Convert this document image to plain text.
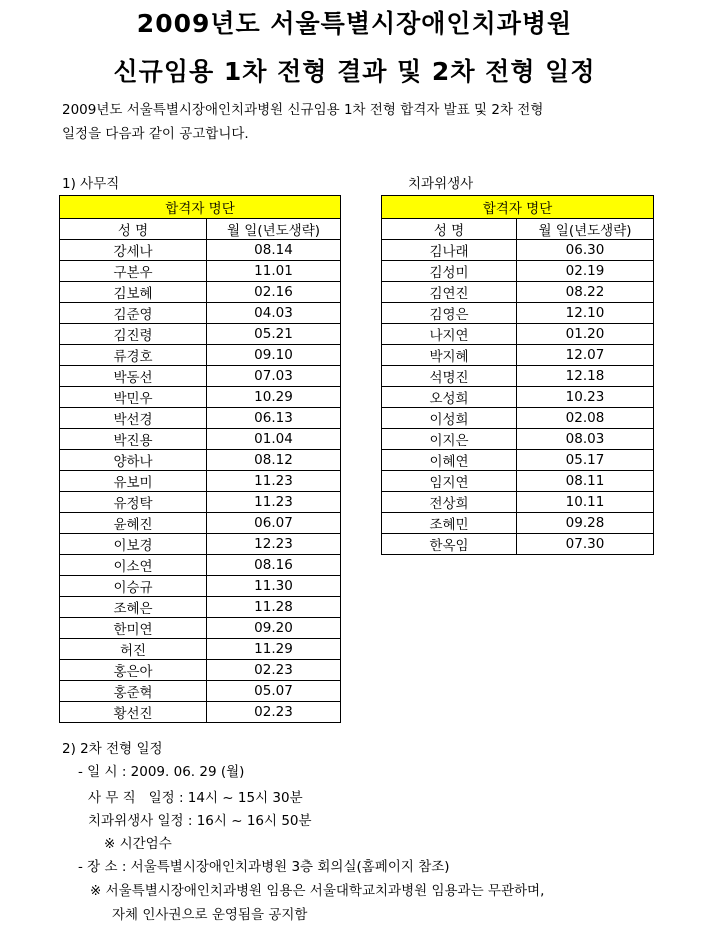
2009년도 서울특별시장애인치과병원
신규임용 1차 전형 결과 및 2차 전형 일정
2009년도 서울특별시장애인치과병원 신규임용 1차 전형 합격자 발표 및 2차 전형
일정을 다음과 같이 공고합니다.
1) 사무직	치과위생사
합격자 명단	
성 명	월 일(년도생략)
강세나	08.14
구본우	11.01
김보혜	02.16
김준영	04.03
김진령	05.21
류경호	09.10
박동선	07.03
박민우	10.29
박선경	06.13
박진용	01.04
양하나	08.12
유보미	11.23
유정탁	11.23
윤혜진	06.07
이보경	12.23
이소연	08.16
이승규	11.30
조혜은	11.28
한미연	09.20
허진	11.29
홍은아	02.23
홍준혁	05.07
황선진	02.23
합격자 명단	
성 명	월 일(년도생략)
김나래	06.30
김성미	02.19
김연진	08.22
김영은	12.10
나지연	01.20
박지혜	12.07
석명진	12.18
오성희	10.23
이성희	02.08
이지은	08.03
이혜연	05.17
임지연	08.11
전상희	10.11
조혜민	09.28
한옥임	07.30
2) 2차 전형 일정
- 일 시 : 2009. 06. 29 (월)
사 무 직   일정 : 14시 ~ 15시 30분
치과위생사 일정 : 16시 ~ 16시 50분
※ 시간엄수
- 장 소 : 서울특별시장애인치과병원 3층 회의실(홈페이지 참조)
※ 서울특별시장애인치과병원 임용은 서울대학교치과병원 임용과는 무관하며,
자체 인사권으로 운영됨을 공지함
